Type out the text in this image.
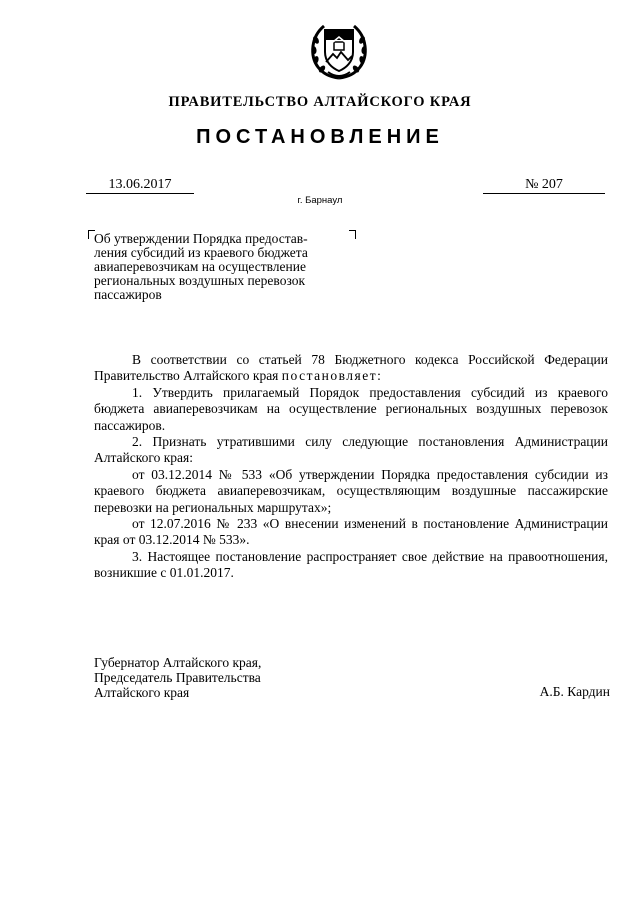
ПРАВИТЕЛЬСТВО АЛТАЙСКОГО КРАЯ
ПОСТАНОВЛЕНИЕ
13.06.2017	№ 207
г. Барнаул
Об утверждении Порядка предостав-
ления субсидий из краевого бюджета
авиаперевозчикам на осуществление
региональных воздушных перевозок
пассажиров

В соответствии со статьей 78 Бюджетного кодекса Российской Федерации Правительство Алтайского края постановляет:

1. Утвердить прилагаемый Порядок предоставления субсидий из краевого бюджета авиаперевозчикам на осуществление региональных воздушных перевозок пассажиров.

2. Признать утратившими силу следующие постановления Администрации Алтайского края:

от 03.12.2014 № 533 «Об утверждении Порядка предоставления субсидии из краевого бюджета авиаперевозчикам, осуществляющим воздушные пассажирские перевозки на региональных маршрутах»;

от 12.07.2016 № 233 «О внесении изменений в постановление Администрации края от 03.12.2014 № 533».

3. Настоящее постановление распространяет свое действие на правоотношения, возникшие с 01.01.2017.

Губернатор Алтайского края,
Председатель Правительства
Алтайского края	А.Б. Кардин
